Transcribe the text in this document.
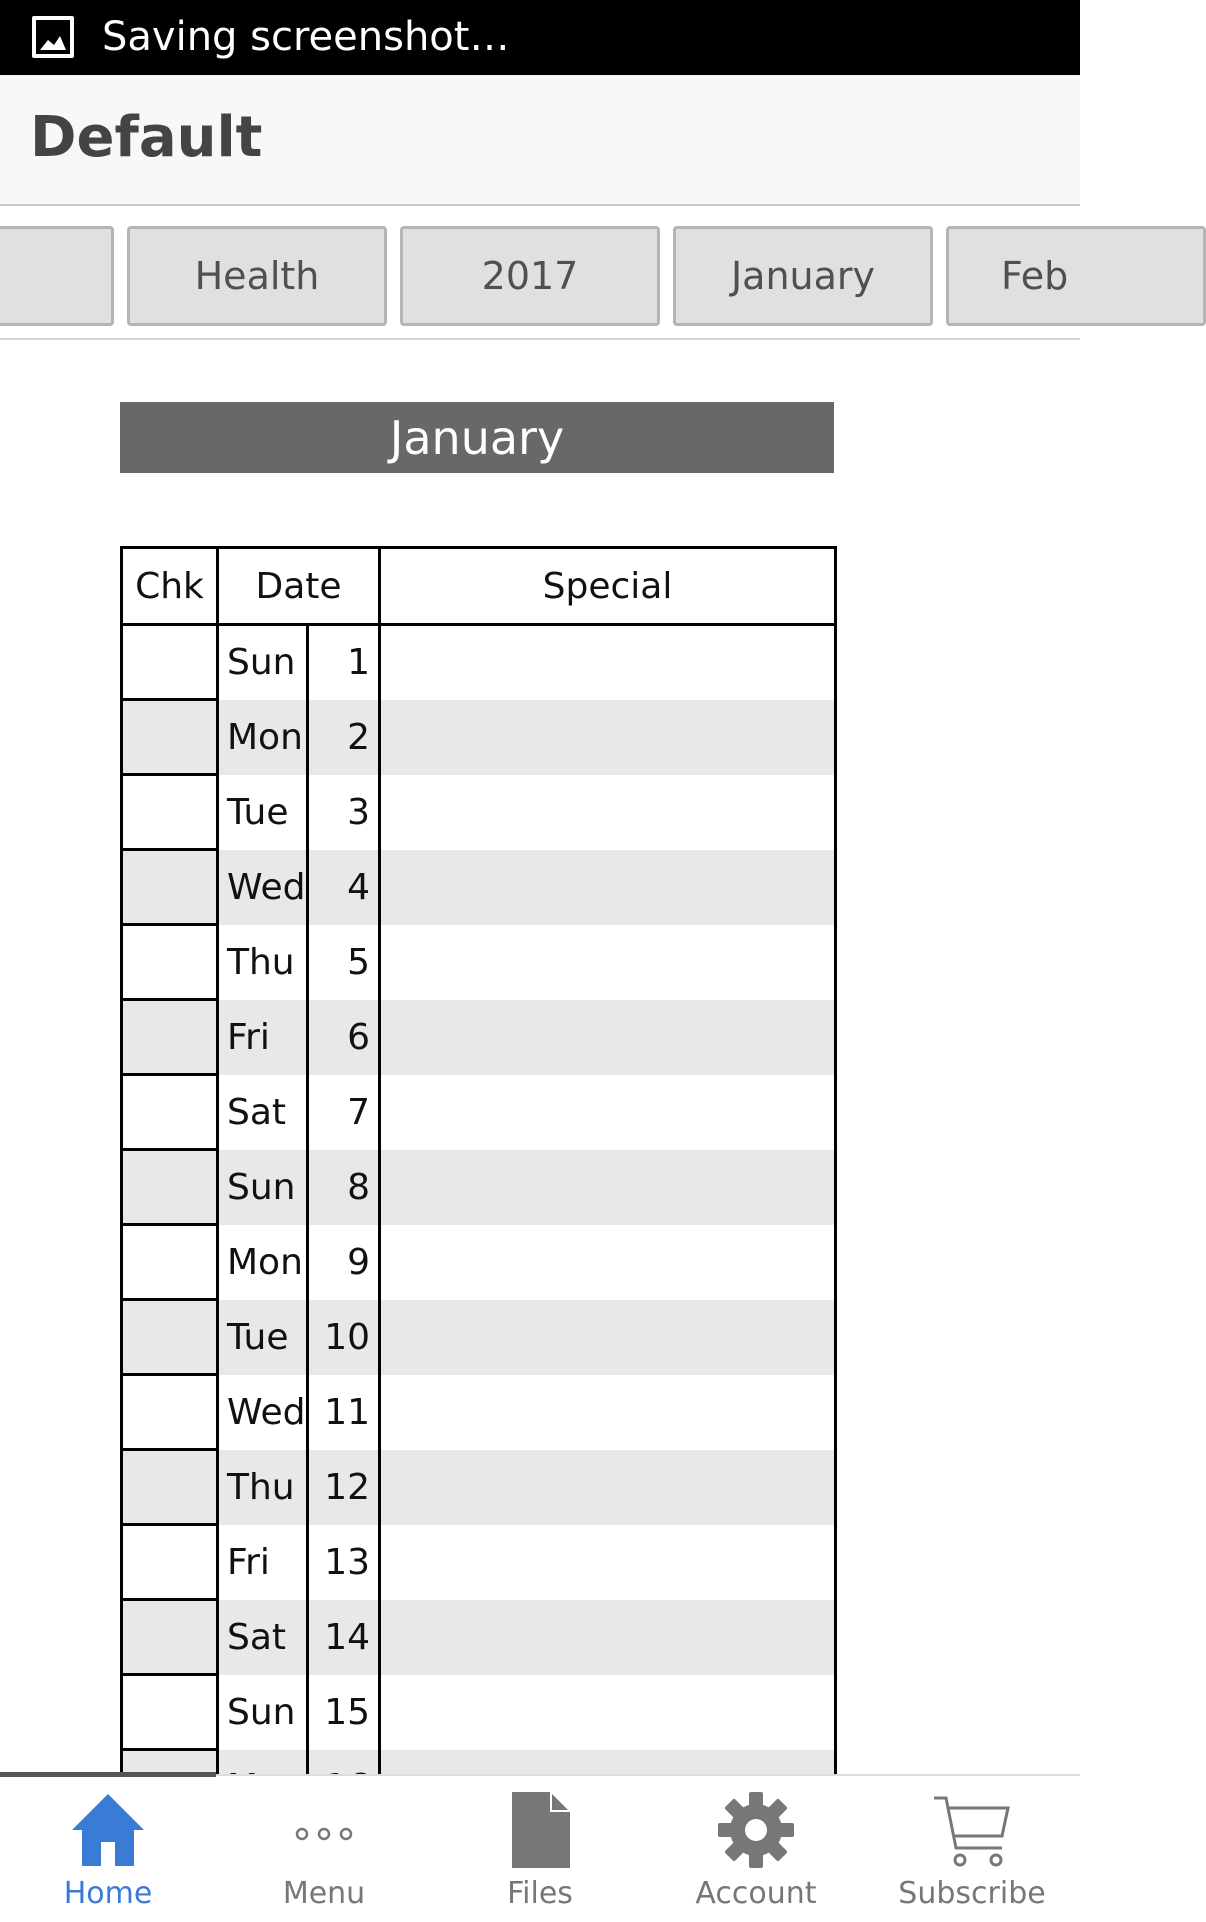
Saving screenshot…
Default
Health	2017	January	Feb
January
Chk	Date		Special
	Sun	1	
	Mon	2	
	Tue	3	
	Wed	4	
	Thu	5	
	Fri	6	
	Sat	7	
	Sun	8	
	Mon	9	
	Tue	10	
	Wed	11	
	Thu	12	
	Fri	13	
	Sat	14	
	Sun	15	

Home	Menu	Files	Account	Subscribe
